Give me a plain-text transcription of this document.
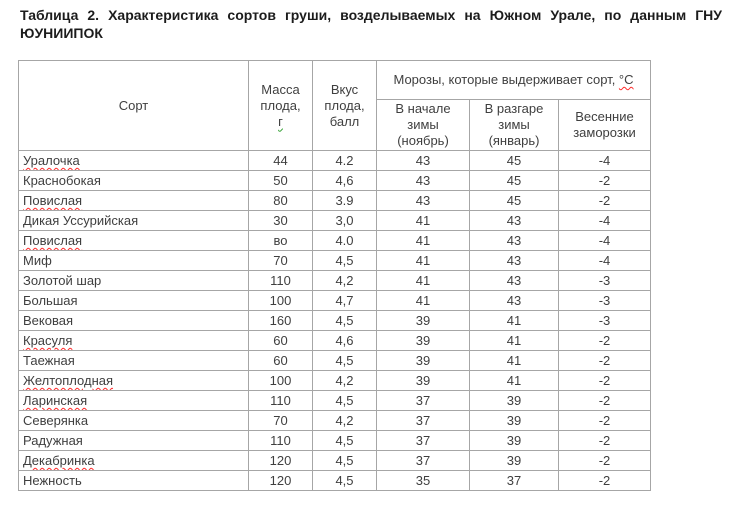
Таблица 2. Характеристика сортов груши, возделываемых на Южном Урале, по данным ГНУ ЮУНИИПОК

Сорт	Масса плода, г	Вкус плода, балл	Морозы, которые выдерживает сорт, °С		
			В начале зимы (ноябрь)	В разгаре зимы (январь)	Весенние заморозки
Уралочка	44	4.2	43	45	-4
Краснобокая	50	4,6	43	45	-2
Повислая	80	3.9	43	45	-2
Дикая Уссурийская	30	3,0	41	43	-4
Повислая	во	4.0	41	43	-4
Миф	70	4,5	41	43	-4
Золотой шар	110	4,2	41	43	-3
Большая	100	4,7	41	43	-3
Вековая	160	4,5	39	41	-3
Красуля	60	4,6	39	41	-2
Таежная	60	4,5	39	41	-2
Желтоплодная	100	4,2	39	41	-2
Ларинская	110	4,5	37	39	-2
Северянка	70	4,2	37	39	-2
Радужная	110	4,5	37	39	-2
Декабринка	120	4,5	37	39	-2
Нежность	120	4,5	35	37	-2
